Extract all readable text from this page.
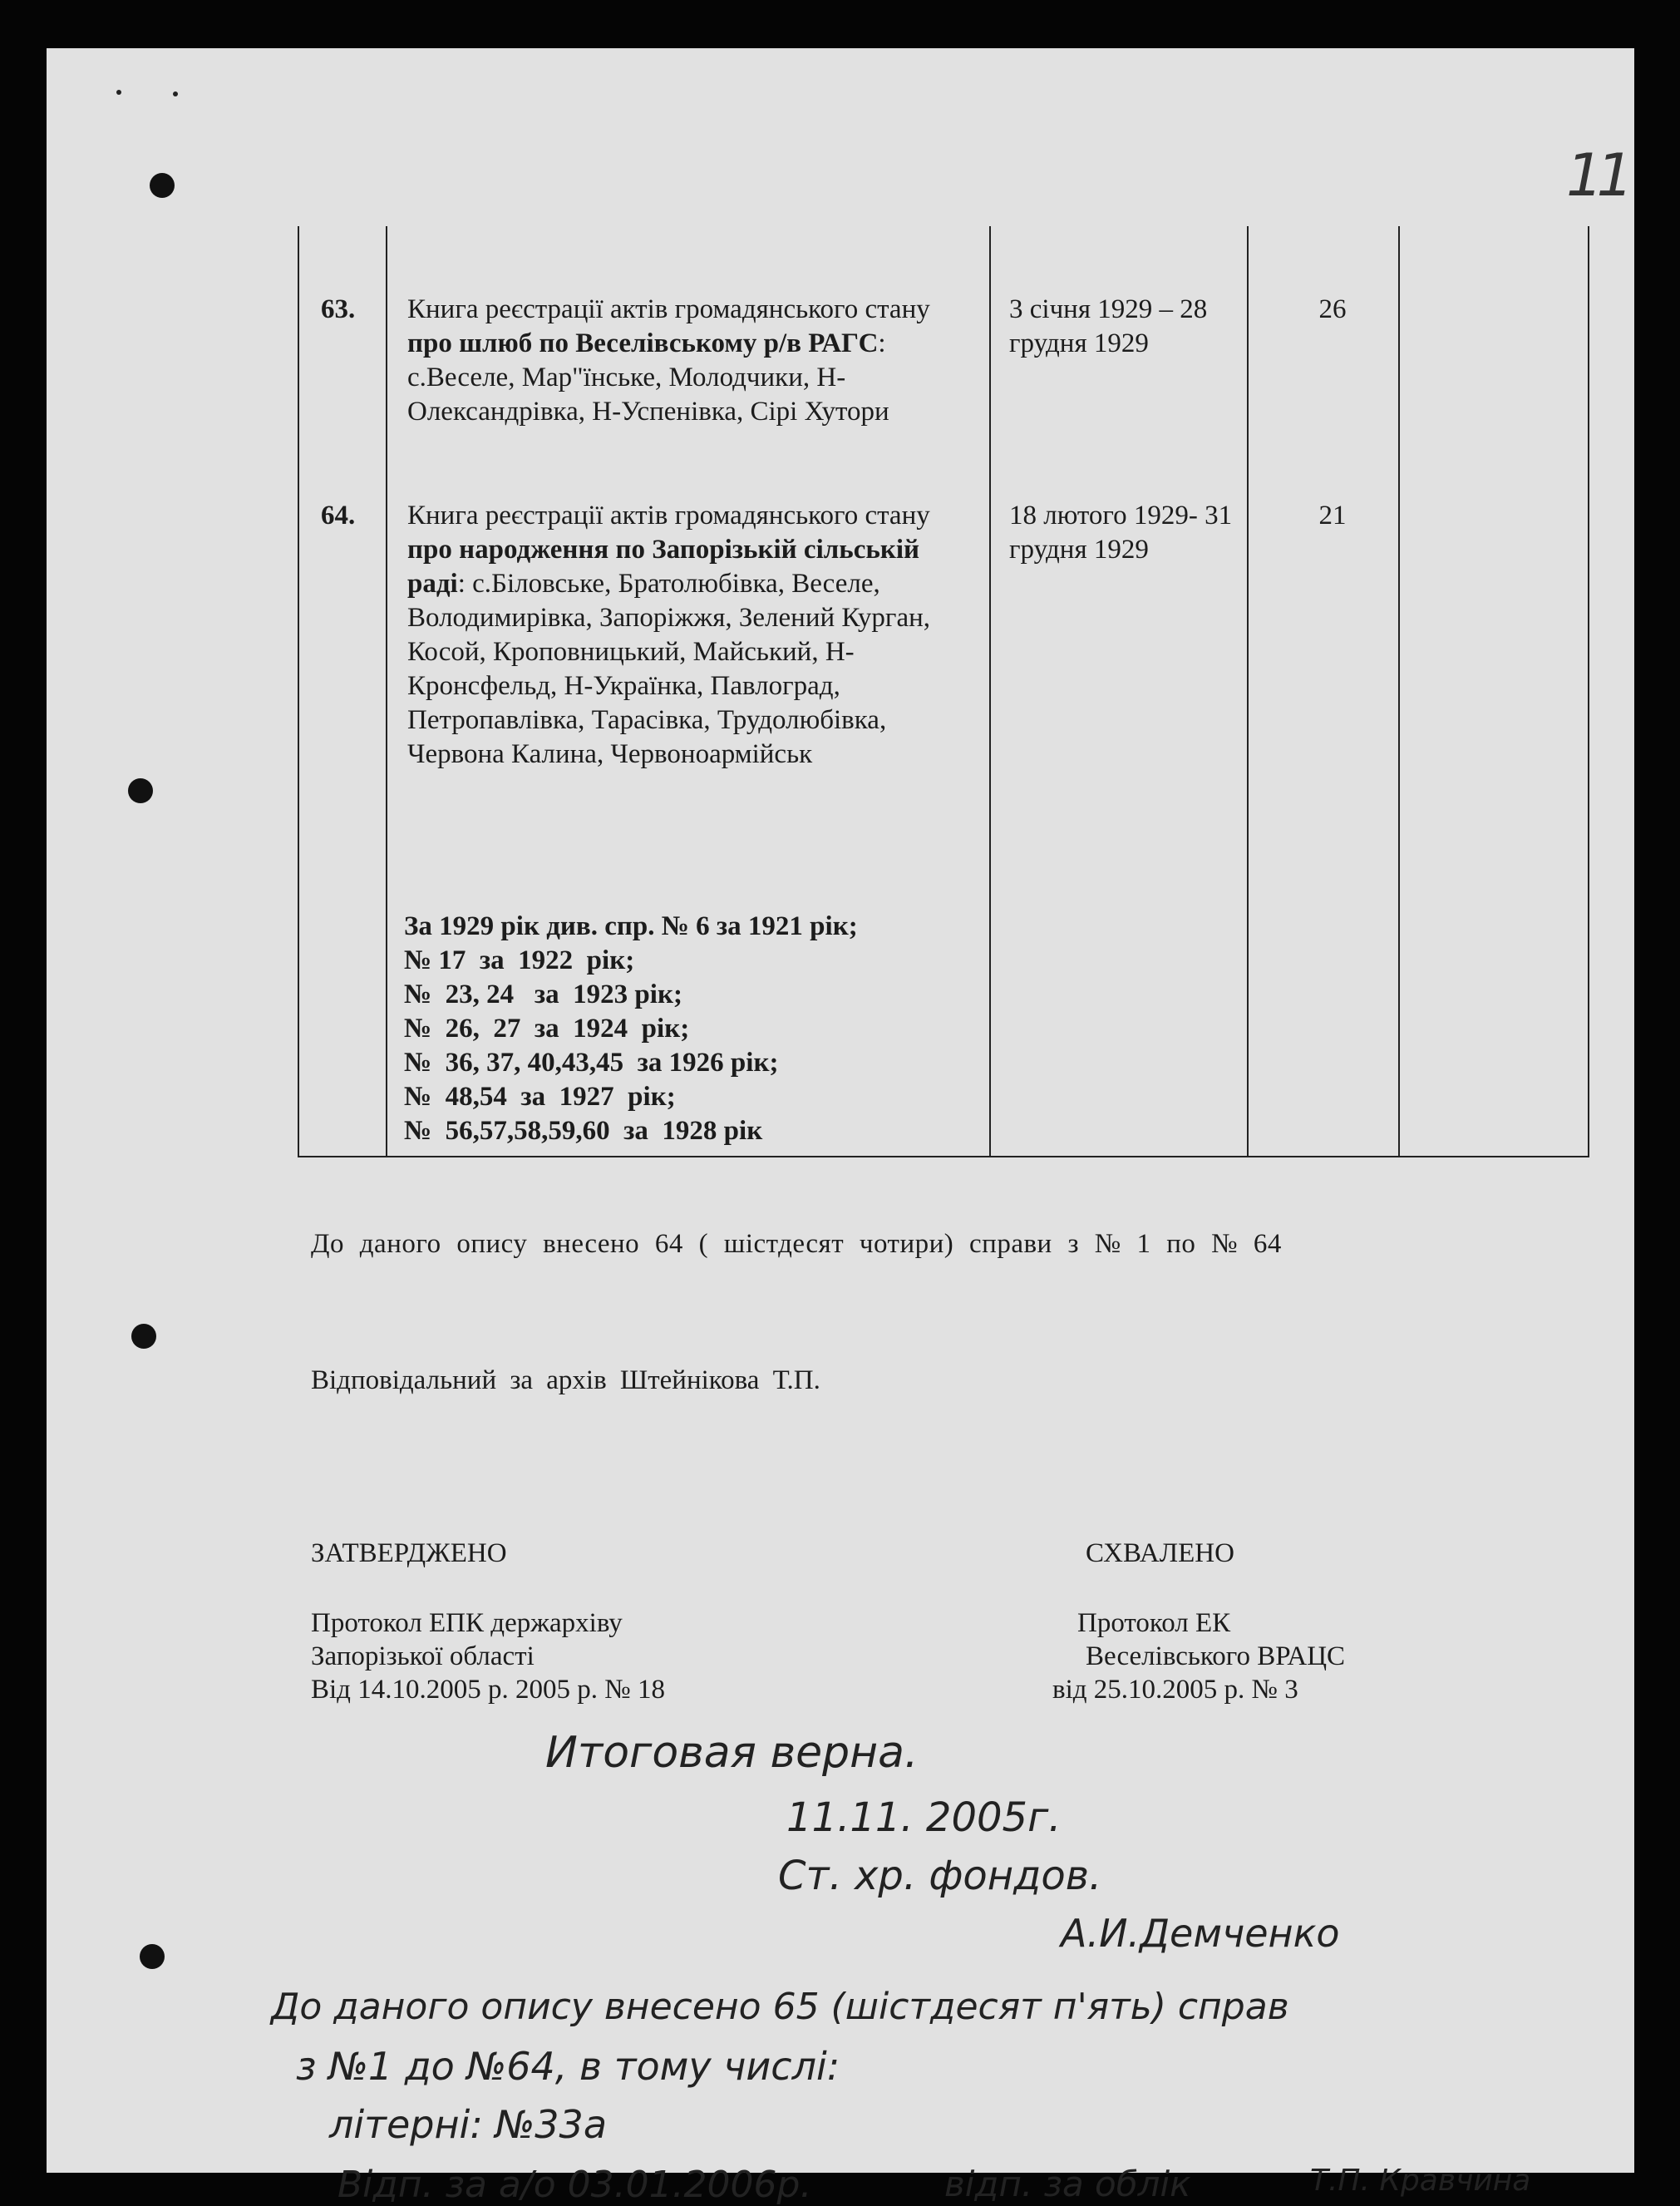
11
63. Книга реєстрації актів громадянського стану про шлюб по Веселівському р/в РАГС: с.Веселе, Мар"їнське, Молодчики, Н-Олександрівка, Н-Успенівка, Сірі Хутори
3 січня 1929 – 28 грудня 1929
26
64. Книга реєстрації актів громадянського стану про народження по Запорізькій сільській раді: с.Біловське, Братолюбівка, Веселе, Володимирівка, Запоріжжя, Зелений Курган, Косой, Кроповницький, Майський, Н-Кронсфельд, Н-Українка, Павлоград, Петропавлівка, Тарасівка, Трудолюбівка, Червона Калина, Червоноармійськ
18 лютого 1929- 31 грудня 1929
21
За 1929 рік див. спр. № 6 за 1921 рік;
№ 17  за  1922  рік;
№  23, 24   за  1923 рік;
№  26,  27  за  1924  рік;
№  36, 37, 40,43,45  за 1926 рік;
№  48,54  за  1927  рік;
№  56,57,58,59,60  за  1928 рік
До даного опису внесено 64 ( шістдесят чотири) справи з № 1 по № 64
Відповідальний за архів Штейнікова Т.П.
ЗАТВЕРДЖЕНО
Протокол ЕПК держархіву
Запорізької області
Від 14.10.2005 р. 2005 р. № 18
СХВАЛЕНО
Протокол ЕК
Веселівського ВРАЦС
від 25.10.2005 р. № 3
Итоговая верна.
11.11. 2005г.
Ст. хр. фондов.
А.И.Демченко
До даного опису внесено 65 (шістдесят п'ять) справ
з №1 до №64, в тому числі:
літерні: №33а
Відп. за а/о 03.01.2006р.	відп. за облік	Т.П. Кравчина
